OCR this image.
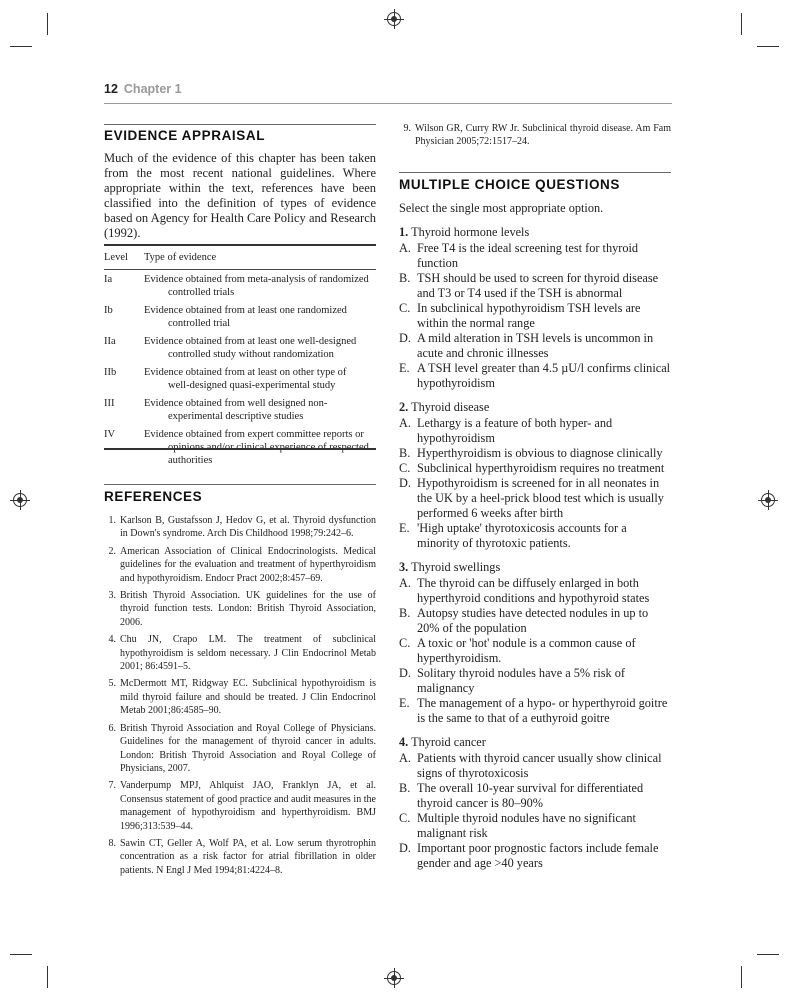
12 Chapter 1
EVIDENCE APPRAISAL
Much of the evidence of this chapter has been taken from the most recent national guidelines. Where appropriate within the text, references have been classified into the definition of types of evidence based on Agency for Health Care Policy and Research (1992).
Level	Type of evidence
Ia	Evidence obtained from meta-analysis of randomized
controlled trials

Ib	Evidence obtained from at least one randomized
controlled trial

IIa	Evidence obtained from at least one well-designed
controlled study without randomization

IIb	Evidence obtained from at least on other type of
well-designed quasi-experimental study

III	Evidence obtained from well designed non-
experimental descriptive studies

IV	Evidence obtained from expert committee reports or
authorities
REFERENCES
1. Karlson B, Gustafsson J, Hedov G, et al. Thyroid dysfunction in Down's syndrome. Arch Dis Childhood 1998;79:242–6.
2. American Association of Clinical Endocrinologists. Medical guidelines for the evaluation and treatment of hyperthyroidism and hypothyroidism. Endocr Pract 2002;8:457–69.
3. British Thyroid Association. UK guidelines for the use of thyroid function tests. London: British Thyroid Association, 2006.
4. Chu JN, Crapo LM. The treatment of subclinical hypothyroidism is seldom necessary. J Clin Endocrinol Metab 2001; 86:4591–5.
5. McDermott MT, Ridgway EC. Subclinical hypothyroidism is mild thyroid failure and should be treated. J Clin Endocrinol Metab 2001;86:4585–90.
6. British Thyroid Association and Royal College of Physicians. Guidelines for the management of thyroid cancer in adults. London: British Thyroid Association and Royal College of Physicians, 2007.
7. Vanderpump MPJ, Ahlquist JAO, Franklyn JA, et al. Consensus statement of good practice and audit measures in the management of hypothyroidism and hyperthyroidism. BMJ 1996;313:539–44.
8. Sawin CT, Geller A, Wolf PA, et al. Low serum thyrotrophin concentration as a risk factor for atrial fibrillation in older patients. N Engl J Med 1994;81:4224–8.
9. Wilson GR, Curry RW Jr. Subclinical thyroid disease. Am Fam Physician 2005;72:1517–24.
MULTIPLE CHOICE QUESTIONS
Select the single most appropriate option.
1. Thyroid hormone levels
A. Free T4 is the ideal screening test for thyroid function
B. TSH should be used to screen for thyroid disease and T3 or T4 used if the TSH is abnormal
C. In subclinical hypothyroidism TSH levels are within the normal range
D. A mild alteration in TSH levels is uncommon in acute and chronic illnesses
E. A TSH level greater than 4.5 µU/l confirms clinical hypothyroidism
2. Thyroid disease
A. Lethargy is a feature of both hyper- and hypothyroidism
B. Hyperthyroidism is obvious to diagnose clinically
C. Subclinical hyperthyroidism requires no treatment
D. Hypothyroidism is screened for in all neonates in the UK by a heel-prick blood test which is usually performed 6 weeks after birth
E. 'High uptake' thyrotoxicosis accounts for a minority of thyrotoxic patients.
3. Thyroid swellings
A. The thyroid can be diffusely enlarged in both hyperthyroid conditions and hypothyroid states
B. Autopsy studies have detected nodules in up to 20% of the population
C. A toxic or 'hot' nodule is a common cause of hyperthyroidism.
D. Solitary thyroid nodules have a 5% risk of malignancy
E. The management of a hypo- or hyperthyroid goitre is the same to that of a euthyroid goitre
4. Thyroid cancer
A. Patients with thyroid cancer usually show clinical signs of thyrotoxicosis
B. The overall 10-year survival for differentiated thyroid cancer is 80–90%
C. Multiple thyroid nodules have no significant malignant risk
D. Important poor prognostic factors include female gender and age >40 years
